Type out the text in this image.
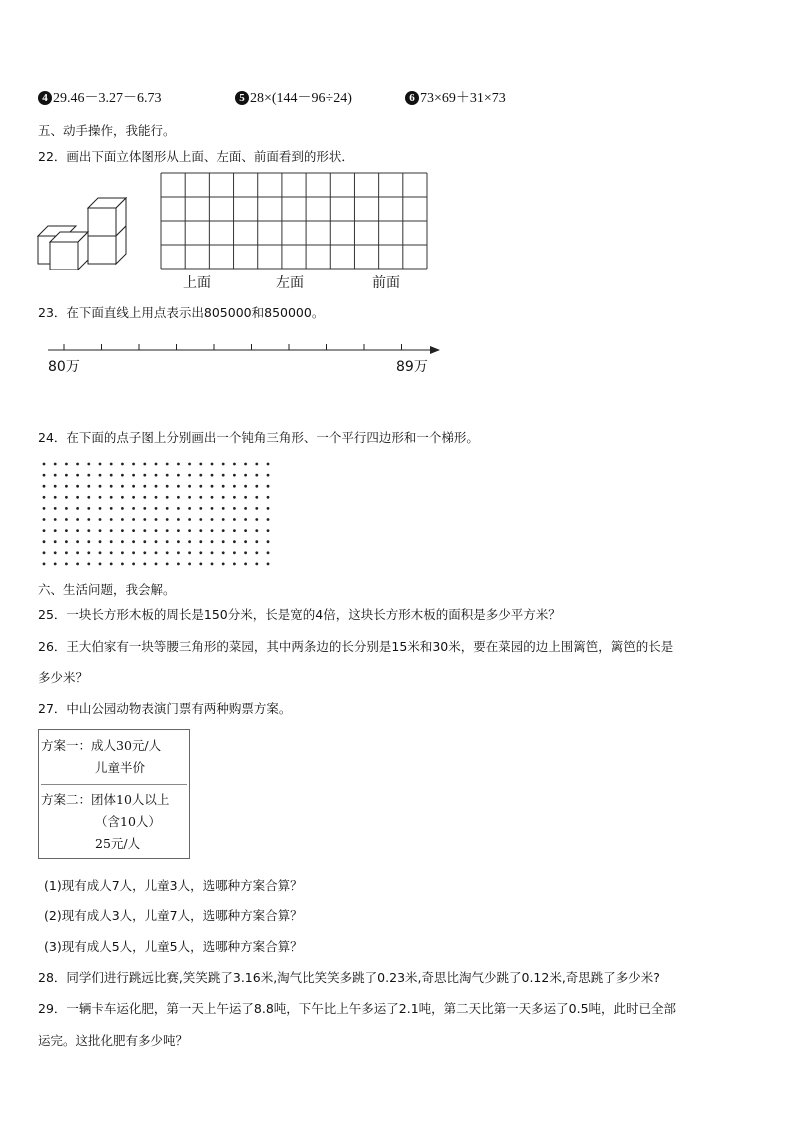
4 29.46－3.27－6.73	5 28×(144－96÷24)	6 73×69＋31×73
五、动手操作，我能行。
22．画出下面立体图形从上面、左面、前面看到的形状．
上面	左面	前面
23．在下面直线上用点表示出805000和850000。
80万	89万
24．在下面的点子图上分别画出一个钝角三角形、一个平行四边形和一个梯形。
六、生活问题，我会解。
25．一块长方形木板的周长是150分米，长是宽的4倍，这块长方形木板的面积是多少平方米？
26．王大伯家有一块等腰三角形的菜园，其中两条边的长分别是15米和30米，要在菜园的边上围篱笆，篱笆的长是
多少米？
27．中山公园动物表演门票有两种购票方案。
方案一：成人30元/人
儿童半价
方案二：团体10人以上
（含10人）
25元/人
(1)现有成人7人，儿童3人，选哪种方案合算？
(2)现有成人3人，儿童7人，选哪种方案合算？
(3)现有成人5人，儿童5人，选哪种方案合算？
28．同学们进行跳远比赛,笑笑跳了3.16米,淘气比笑笑多跳了0.23米,奇思比淘气少跳了0.12米,奇思跳了多少米?
29．一辆卡车运化肥，第一天上午运了8.8吨，下午比上午多运了2.1吨，第二天比第一天多运了0.5吨，此时已全部
运完。这批化肥有多少吨？
